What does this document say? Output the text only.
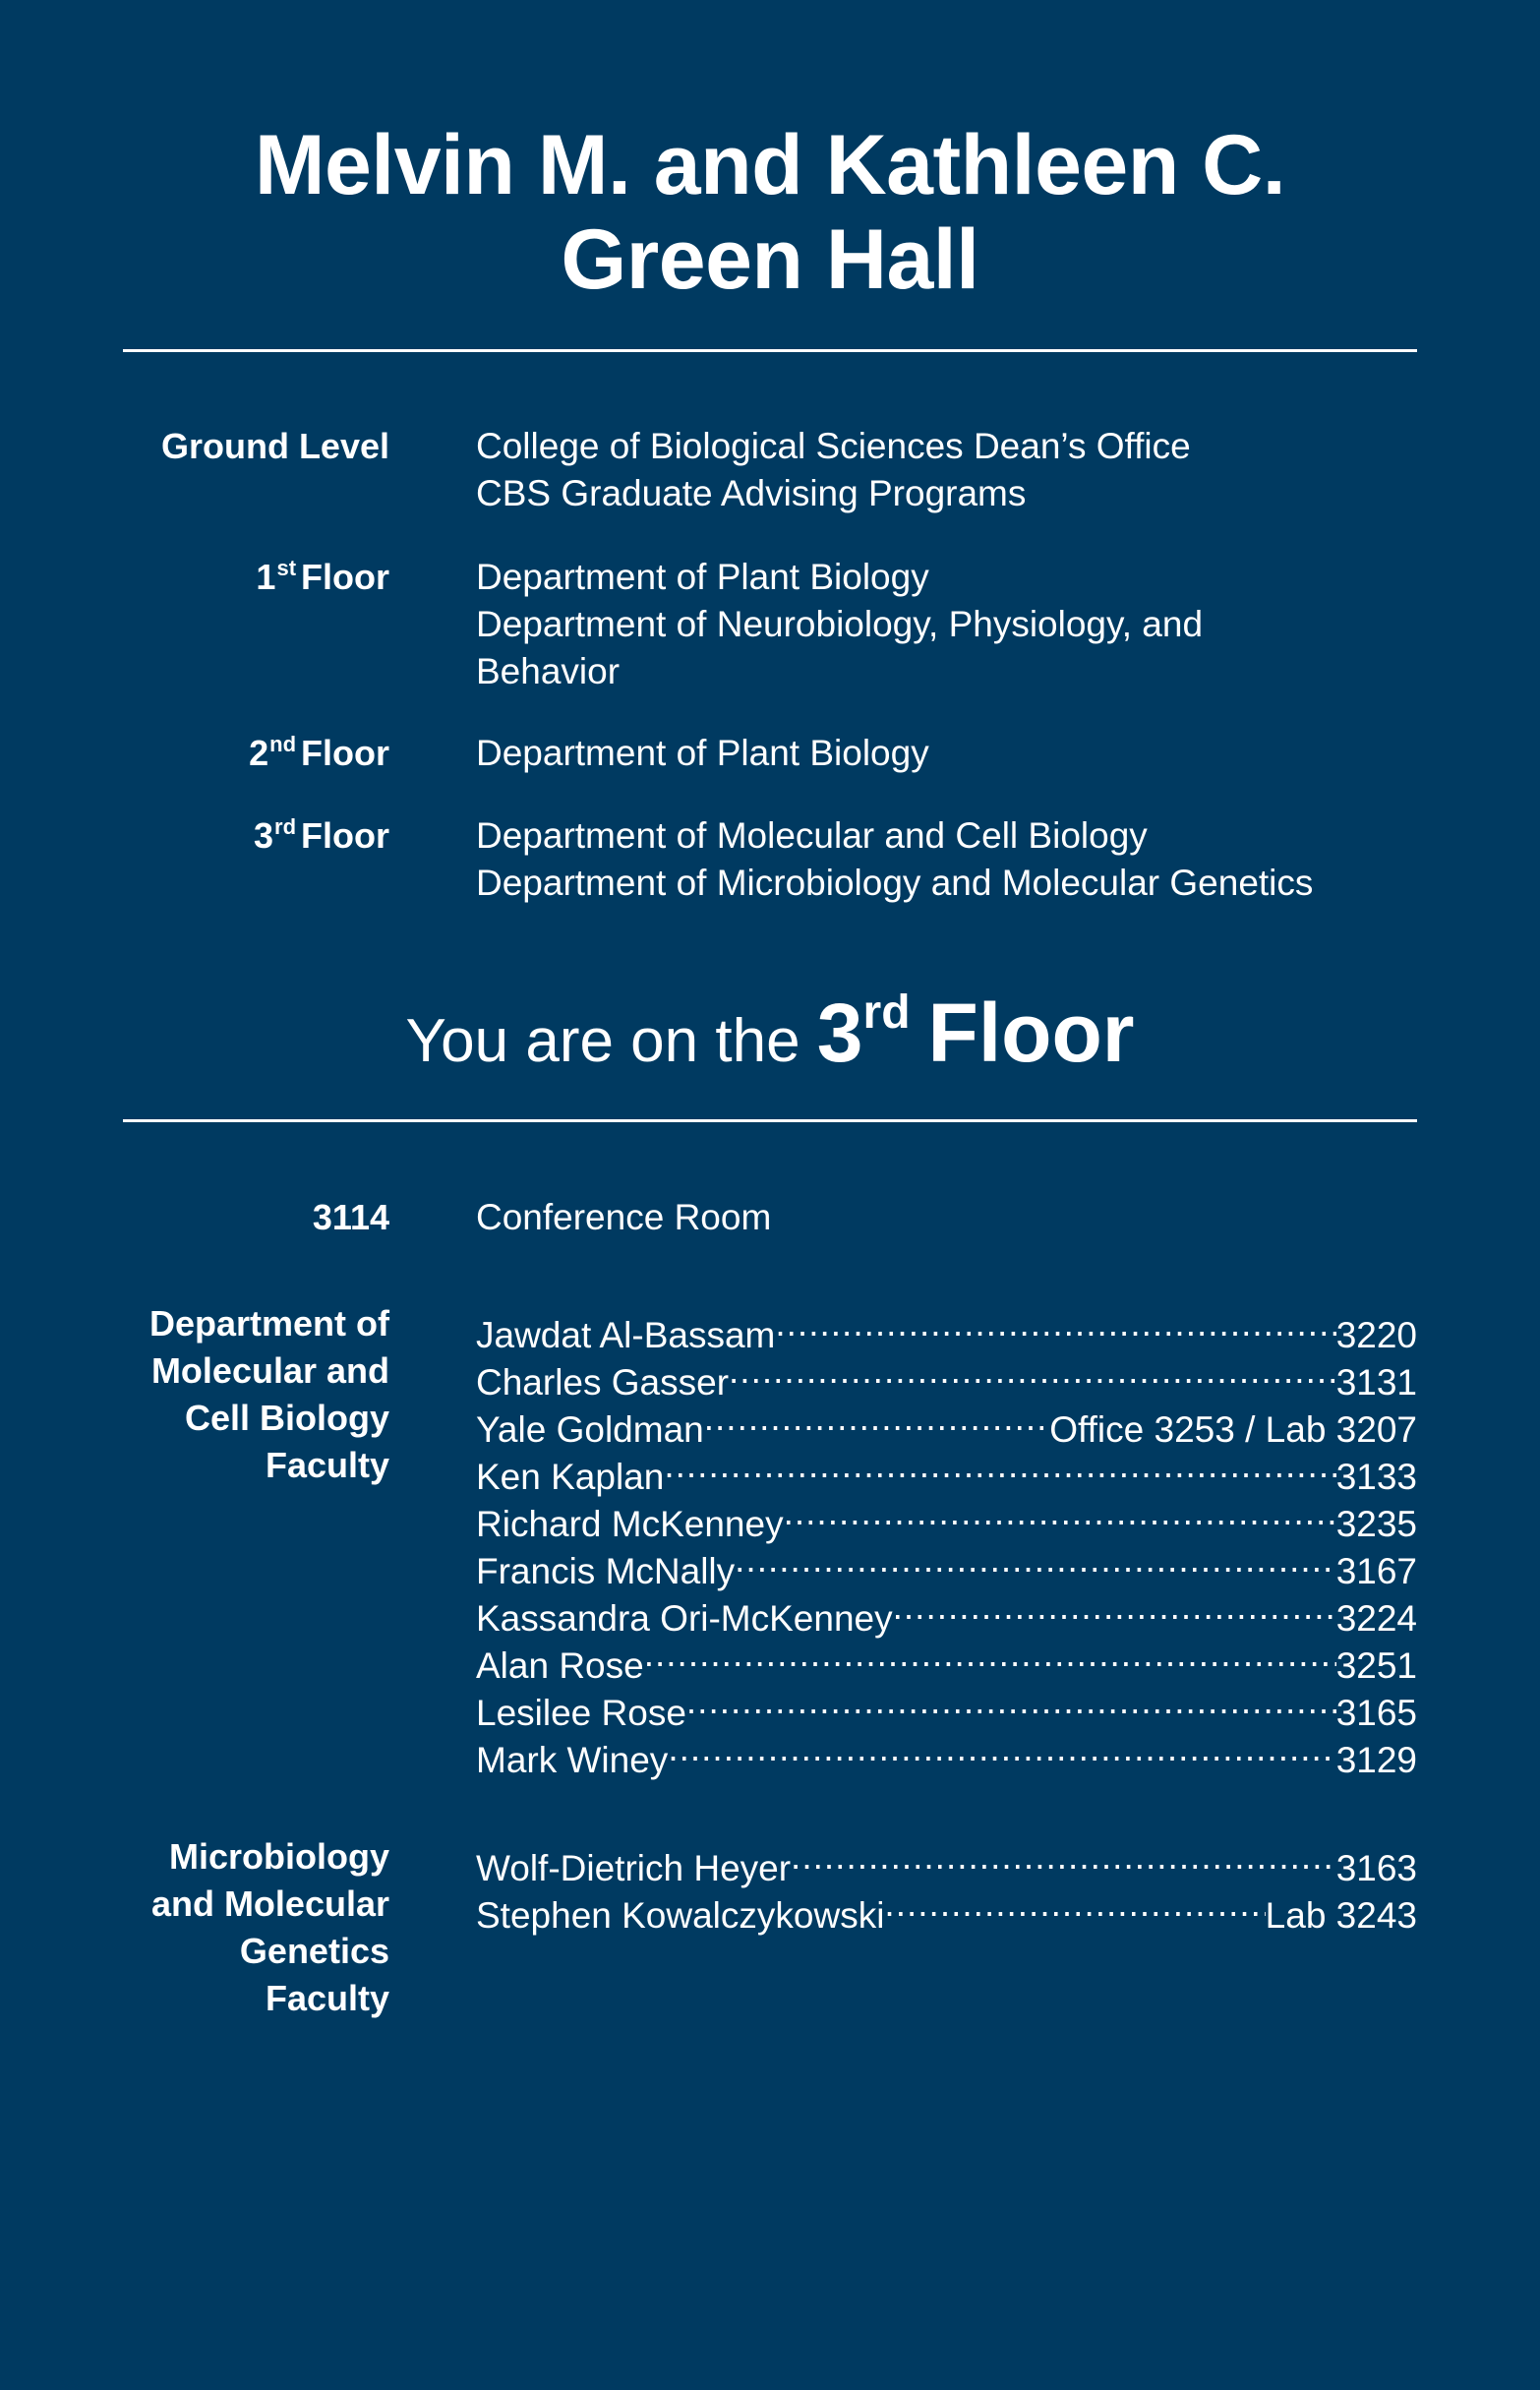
Melvin M. and Kathleen C.
Green Hall
Ground Level College of Biological Sciences Dean’s Office
CBS Graduate Advising Programs
1st Floor Department of Plant Biology
Department of Neurobiology, Physiology, and
Behavior
2nd Floor Department of Plant Biology
3rd Floor Department of Molecular and Cell Biology
Department of Microbiology and Molecular Genetics
You are on the 3rd Floor
3114 Conference Room
Department of
Molecular and
Cell Biology
Faculty
Jawdat Al-Bassam .....	3220
Charles Gasser .....	3131
Yale Goldman .....	Office 3253 / Lab 3207
Ken Kaplan .....	3133
Richard McKenney .....	3235
Francis McNally .....	3167
Kassandra Ori-McKenney .....	3224
Alan Rose .....	3251
Lesilee Rose .....	3165
Mark Winey .....	3129
Microbiology
and Molecular
Genetics
Faculty
Wolf-Dietrich Heyer .....	3163
Stephen Kowalczykowski .....	Lab 3243
